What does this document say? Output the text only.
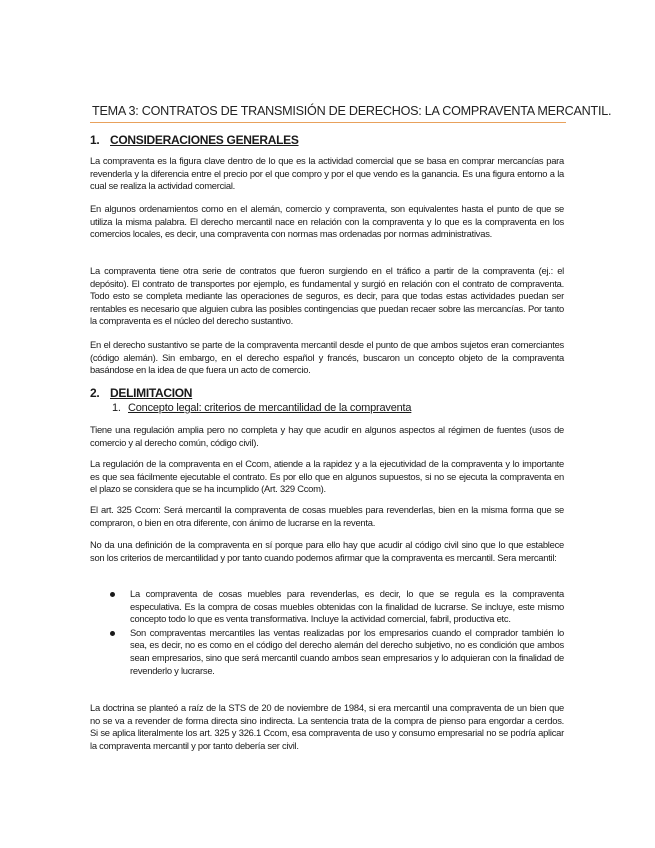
TEMA 3: CONTRATOS DE TRANSMISIÓN DE DERECHOS: LA COMPRAVENTA MERCANTIL.
1. CONSIDERACIONES GENERALES

La compraventa es la figura clave dentro de lo que es la actividad comercial que se basa en comprar mercancías para revenderla y la diferencia entre el precio por el que compro y por el que vendo es la ganancia. Es una figura entorno a la cual se realiza la actividad comercial.

En algunos ordenamientos como en el alemán, comercio y compraventa, son equivalentes hasta el punto de que se utiliza la misma palabra. El derecho mercantil nace en relación con la compraventa y lo que es la compraventa en los comercios locales, es decir, una compraventa con normas mas ordenadas por normas administrativas.

La compraventa tiene otra serie de contratos que fueron surgiendo en el tráfico a partir de la compraventa (ej.: el depósito). El contrato de transportes por ejemplo, es fundamental y surgió en relación con el contrato de compraventa. Todo esto se completa mediante las operaciones de seguros, es decir, para que todas estas actividades puedan ser rentables es necesario que alguien cubra las posibles contingencias que puedan recaer sobre las mercancías. Por tanto la compraventa es el núcleo del derecho sustantivo.

En el derecho sustantivo se parte de la compraventa mercantil desde el punto de que ambos sujetos eran comerciantes (código alemán). Sin embargo, en el derecho español y francés, buscaron un concepto objeto de la compraventa basándose en la idea de que fuera un acto de comercio.

2. DELIMITACION
1. Concepto legal: criterios de mercantilidad de la compraventa

Tiene una regulación amplia pero no completa y hay que acudir en algunos aspectos al régimen de fuentes (usos de comercio y al derecho común, código civil).

La regulación de la compraventa en el Ccom, atiende a la rapidez y a la ejecutividad de la compraventa y lo importante es que sea fácilmente ejecutable el contrato. Es por ello que en algunos supuestos, si no se ejecuta la compraventa en el plazo se considera que se ha incumplido (Art. 329 Ccom).

El art. 325 Ccom: Será mercantil la compraventa de cosas muebles para revenderlas, bien en la misma forma que se compraron, o bien en otra diferente, con ánimo de lucrarse en la reventa.

No da una definición de la compraventa en sí porque para ello hay que acudir al código civil sino que lo que establece son los criterios de mercantilidad y por tanto cuando podemos afirmar que la compraventa es mercantil. Sera mercantil:

La compraventa de cosas muebles para revenderlas, es decir, lo que se regula es la compraventa especulativa. Es la compra de cosas muebles obtenidas con la finalidad de lucrarse. Se incluye, este mismo concepto todo lo que es venta transformativa. Incluye la actividad comercial, fabril, productiva etc.
Son compraventas mercantiles las ventas realizadas por los empresarios cuando el comprador también lo sea, es decir, no es como en el código del derecho alemán del derecho subjetivo, no es condición que ambos sean empresarios, sino que será mercantil cuando ambos sean empresarios y lo adquieran con la finalidad de revenderlo y lucrarse.

La doctrina se planteó a raíz de la STS de 20 de noviembre de 1984, si era mercantil una compraventa de un bien que no se va a revender de forma directa sino indirecta. La sentencia trata de la compra de pienso para engordar a cerdos. Si se aplica literalmente los art. 325 y 326.1 Ccom, esa compraventa de uso y consumo empresarial no se podría aplicar la compraventa mercantil y por tanto debería ser civil.
